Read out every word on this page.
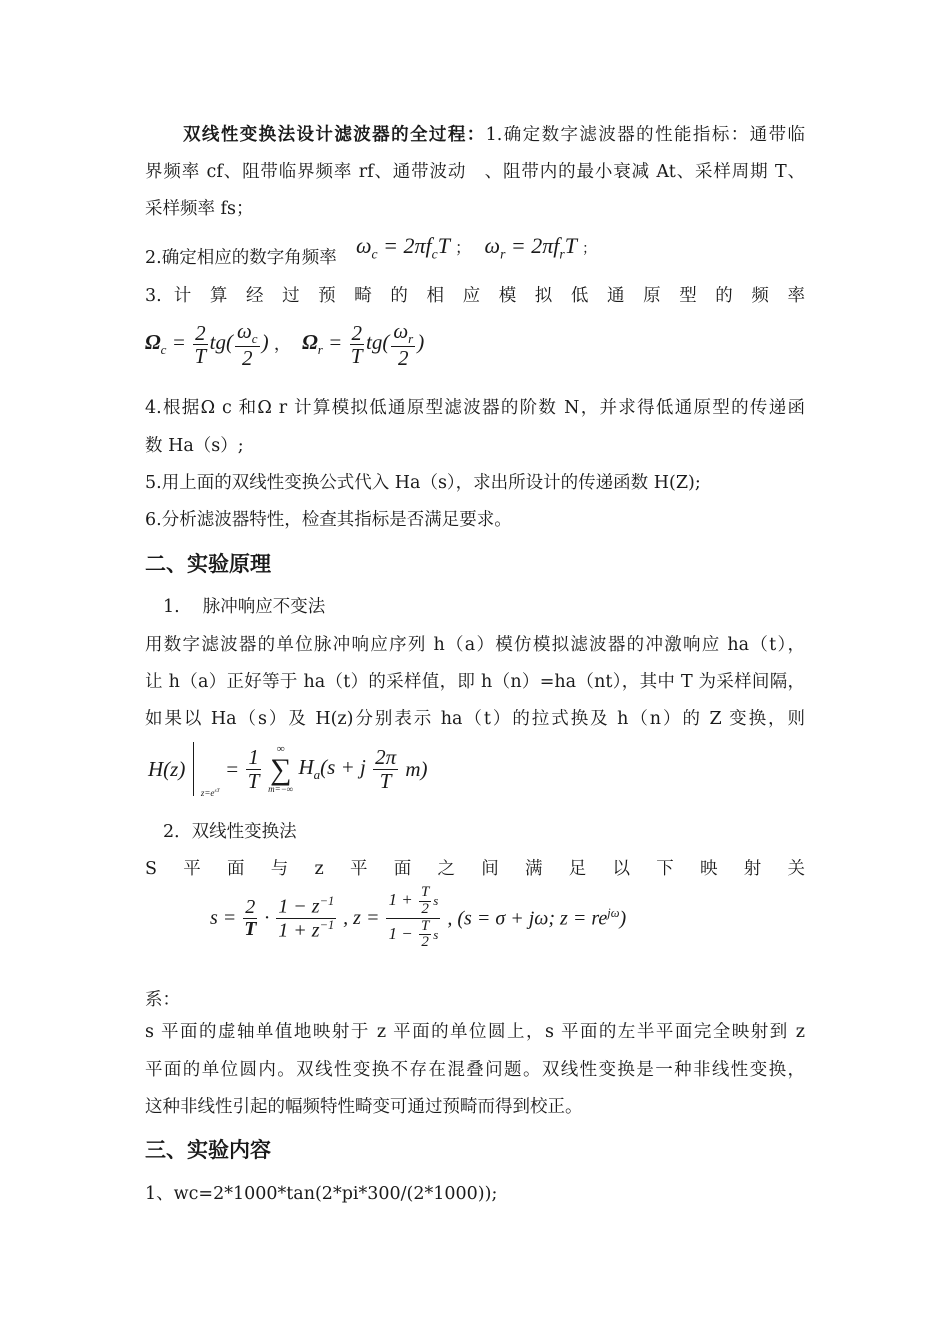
双线性变换法设计滤波器的全过程：1.确定数字滤波器的性能指标：通带临
界频率 cf、阻带临界频率 rf、通带波动　、阻带内的最小衰减 At、采样周期 T、
采样频率 fs；
2.确定相应的数字角频率 $\omega_c = 2\pi f_cT$ ； $\omega_r = 2\pi f_rT$ ；
3. 计 算 经 过 预 畸 的 相 应 模 拟 低 通 原 型 的 频 率
$\Omega_c = \frac{2}{T} tg( \frac{\omega_c}{2}$ ) ， $\Omega_r = \frac{2}{T} tg( \frac{\omega_r}{2}$ )
4.根据Ω c 和Ω r 计算模拟低通原型滤波器的阶数 N，并求得低通原型的传递函
数 Ha（s）;
5.用上面的双线性变换公式代入 Ha（s），求出所设计的传递函数 H(Z);
6.分析滤波器特性，检查其指标是否满足要求。
二、实验原理
1.　 脉冲响应不变法
用数字滤波器的单位脉冲响应序列 h（a）模仿模拟滤波器的冲激响应 ha（t），
让 h（a）正好等于 ha（t）的采样值，即 h（n）=ha（nt），其中 T 为采样间隔，
如果以 Ha（s）及 H(z)分别表示 ha（t）的拉式换及 h（n）的 Z 变换，则
H(z)  $z=e^{sT} = \frac{1}{T}$
	∞
∑
m=−∞
$H_a(s + j \frac{2\pi}{T} m)$
2．双线性变换法
S　平　面　与　z　平　面　之　间　满　足　以　下　映　射　关
$s = \frac{2}{T} \cdot \frac{1 - z^{-1}}{1 + z^{-1}}$ , $z = \frac{1 + \frac{T}{2} s}{1 - \frac{T}{2} s}$ , (s = σ + jω; $z = re^{j\omega}$)
系：
s 平面的虚轴单值地映射于 z 平面的单位圆上，s 平面的左半平面完全映射到 z
平面的单位圆内。双线性变换不存在混叠问题。双线性变换是一种非线性变换，
这种非线性引起的幅频特性畸变可通过预畸而得到校正。
三、实验内容
1、wc=2*1000*tan(2*pi*300/(2*1000));
